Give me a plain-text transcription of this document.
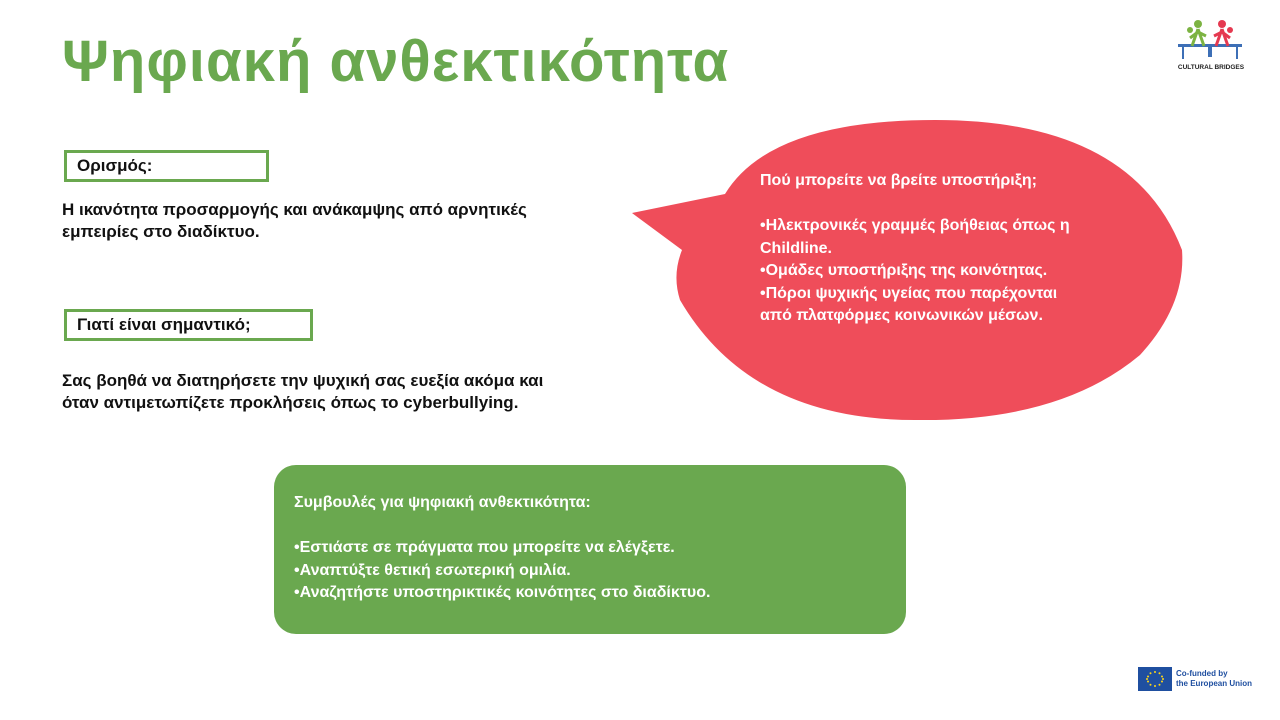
Ψηφιακή ανθεκτικότητα	CULTURAL BRIDGES
Ορισμός:
Η ικανότητα προσαρμογής και ανάκαμψης από αρνητικές εμπειρίες στο διαδίκτυο.
Γιατί είναι σημαντικό;
Σας βοηθά να διατηρήσετε την ψυχική σας ευεξία ακόμα και όταν αντιμετωπίζετε προκλήσεις όπως το cyberbullying.
Πού μπορείτε να βρείτε υποστήριξη;
•Ηλεκτρονικές γραμμές βοήθειας όπως η Childline.
•Ομάδες υποστήριξης της κοινότητας.
•Πόροι ψυχικής υγείας που παρέχονται από πλατφόρμες κοινωνικών μέσων.
Συμβουλές για ψηφιακή ανθεκτικότητα:
•Εστιάστε σε πράγματα που μπορείτε να ελέγξετε.
•Αναπτύξτε θετική εσωτερική ομιλία.
•Αναζητήστε υποστηρικτικές κοινότητες στο διαδίκτυο.
Co-funded by
the European Union
